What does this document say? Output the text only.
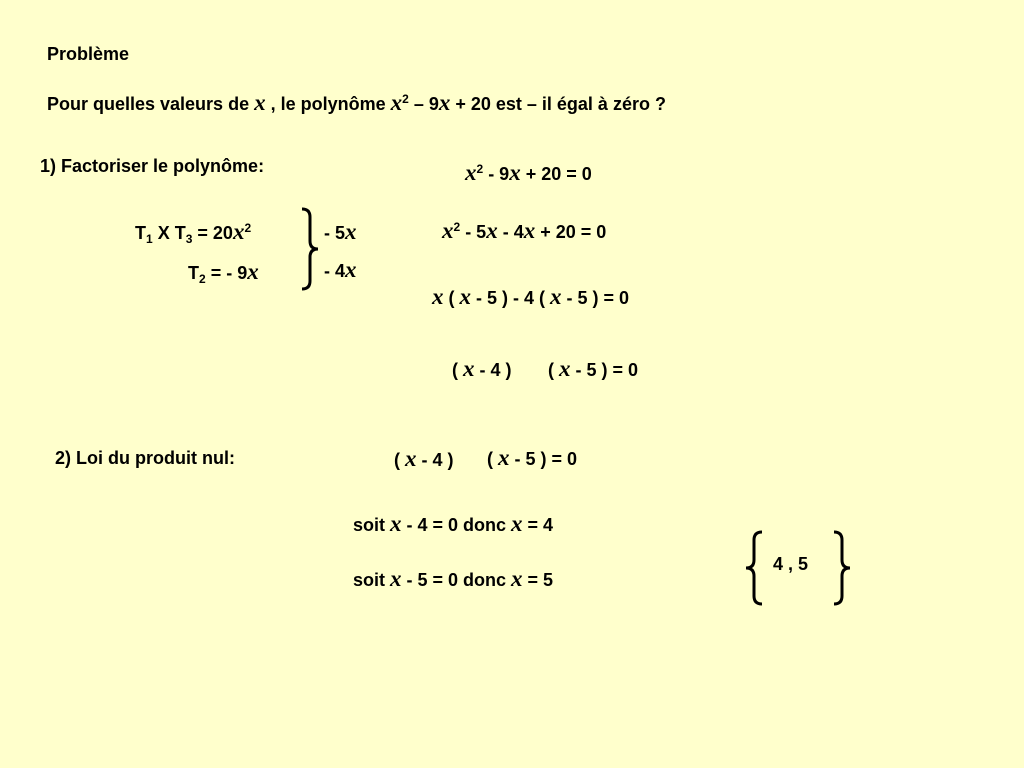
Problème
Pour quelles valeurs de x , le polynôme $x^2 - 9x + 20$ est – il égal à zéro ?
1) Factoriser le polynôme:	$x^2 - 9x + 20 = 0$
$T_1$ X $T_3 = 20x^2$
$T_2$ = - 9x
- 5x
- 4x
$x^2 - 5x - 4x + 20 = 0$
x ( x - 5 ) - 4 ( x - 5 ) = 0
( x - 4 ) ( x - 5 ) = 0
2) Loi du produit nul:	( x - 4 ) ( x - 5 ) = 0
soit x - 4 = 0 donc x = 4
soit x - 5 = 0 donc x = 5
4 , 5
